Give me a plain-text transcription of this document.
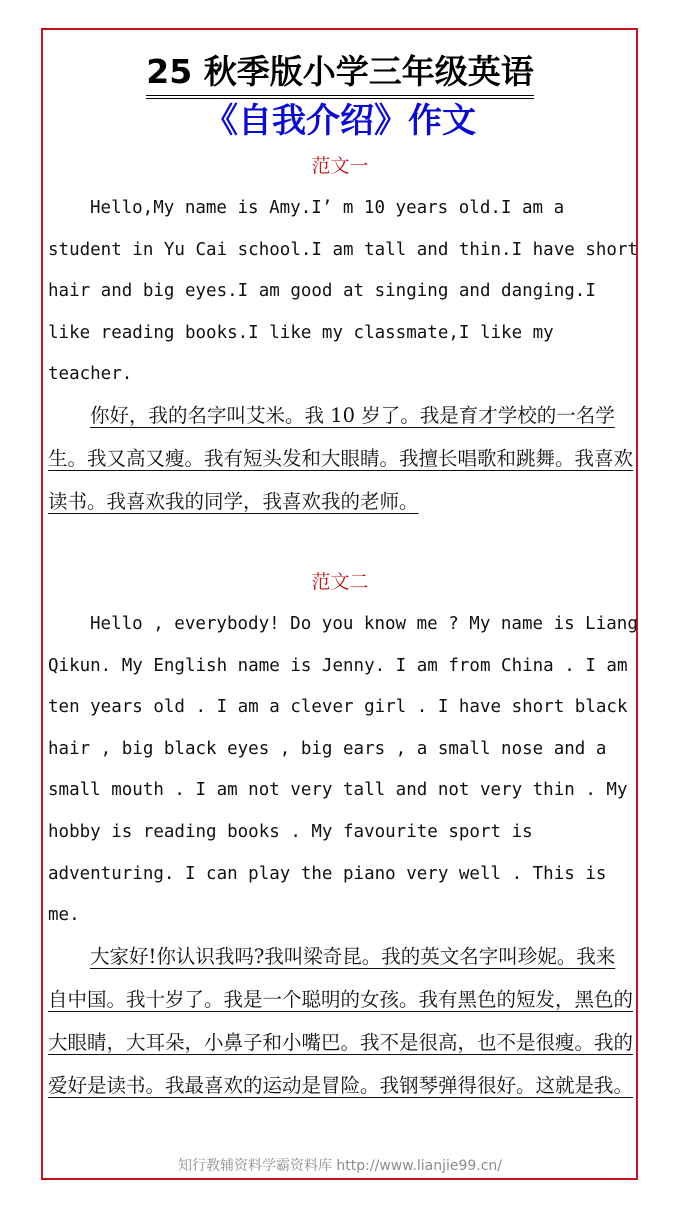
25 秋季版小学三年级英语
《自我介绍》作文
范文一

Hello,My name is Amy.I’ m 10 years old.I am a student in Yu Cai school.I am tall and thin.I have short hair and big eyes.I am good at singing and danging.I like reading books.I like my classmate,I like my teacher.

你好，我的名字叫艾米。我 10 岁了。我是育才学校的一名学生。我又高又瘦。我有短头发和大眼睛。我擅长唱歌和跳舞。我喜欢读书。我喜欢我的同学，我喜欢我的老师。

范文二

Hello , everybody! Do you know me ? My name is Liang Qikun. My English name is Jenny. I am from China . I am ten years old . I am a clever girl . I have short black hair , big black eyes , big ears , a small nose and a small mouth . I am not very tall and not very thin . My hobby is reading books . My favourite sport is adventuring. I can play the piano very well . This is me.

大家好!你认识我吗?我叫梁奇昆。我的英文名字叫珍妮。我来自中国。我十岁了。我是一个聪明的女孩。我有黑色的短发，黑色的大眼睛，大耳朵，小鼻子和小嘴巴。我不是很高，也不是很瘦。我的爱好是读书。我最喜欢的运动是冒险。我钢琴弹得很好。这就是我。

知行教辅资料学霸资料库 http://www.lianjie99.cn/
